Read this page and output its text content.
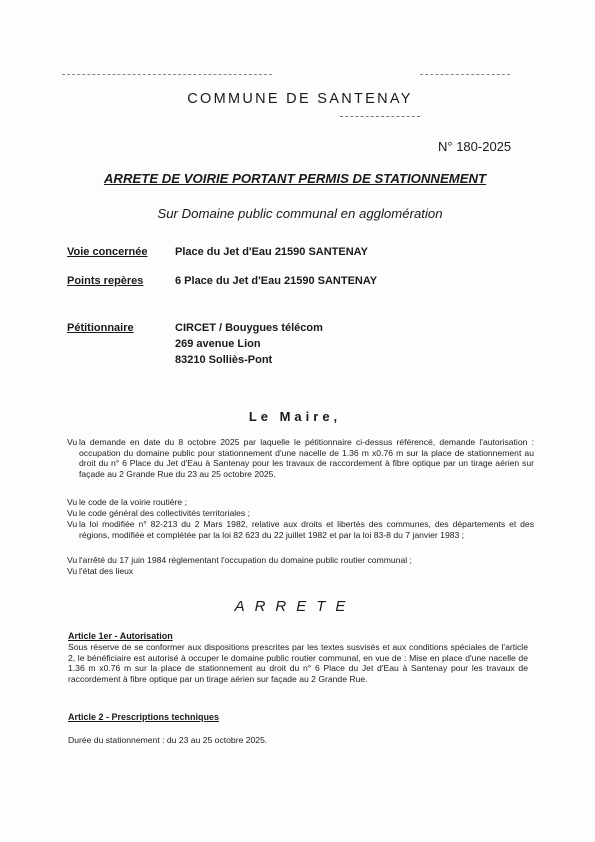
COMMUNE DE SANTENAY
N° 180-2025
ARRETE DE VOIRIE PORTANT PERMIS DE STATIONNEMENT
Sur Domaine public communal en agglomération
Voie concernée	Place du Jet d'Eau 21590 SANTENAY
Points repères	6 Place du Jet d'Eau 21590 SANTENAY
Pétitionnaire	CIRCET / Bouygues télécom
269 avenue Lion
83210 Solliès-Pont
Le Maire,
Vu la demande en date du 8 octobre 2025 par laquelle le pétitionnaire ci-dessus référencé, demande l'autorisation : occupation du domaine public pour stationnement d'une nacelle de 1.36 m x0.76 m sur la place de stationnement au droit du n° 6 Place du Jet d'Eau à Santenay pour les travaux de raccordement à fibre optique par un tirage aérien sur façade au 2 Grande Rue du 23 au 25 octobre 2025.
Vu le code de la voirie routière ;
Vu le code général des collectivités territoriales ;
Vu la loi modifiée n° 82-213 du 2 Mars 1982, relative aux droits et libertés des communes, des départements et des régions, modifiée et complétée par la loi 82 623 du 22 juillet 1982 et par la loi 83-8 du 7 janvier 1983 ;
Vu l'arrêté du 17 juin 1984 réglementant l'occupation du domaine public routier communal ;
Vu l'état des lieux
ARRETE
Article 1er - Autorisation
Sous réserve de se conformer aux dispositions prescrites par les textes susvisés et aux conditions spéciales de l'article 2, le bénéficiaire est autorisé à occuper le domaine public routier communal, en vue de : Mise en place d'une nacelle de 1.36 m x0.76 m sur la place de stationnement au droit du n° 6 Place du Jet d'Eau à Santenay pour les travaux de raccordement à fibre optique par un tirage aérien sur façade au 2 Grande Rue.
Article 2 - Prescriptions techniques
Durée du stationnement : du 23 au 25 octobre 2025.
